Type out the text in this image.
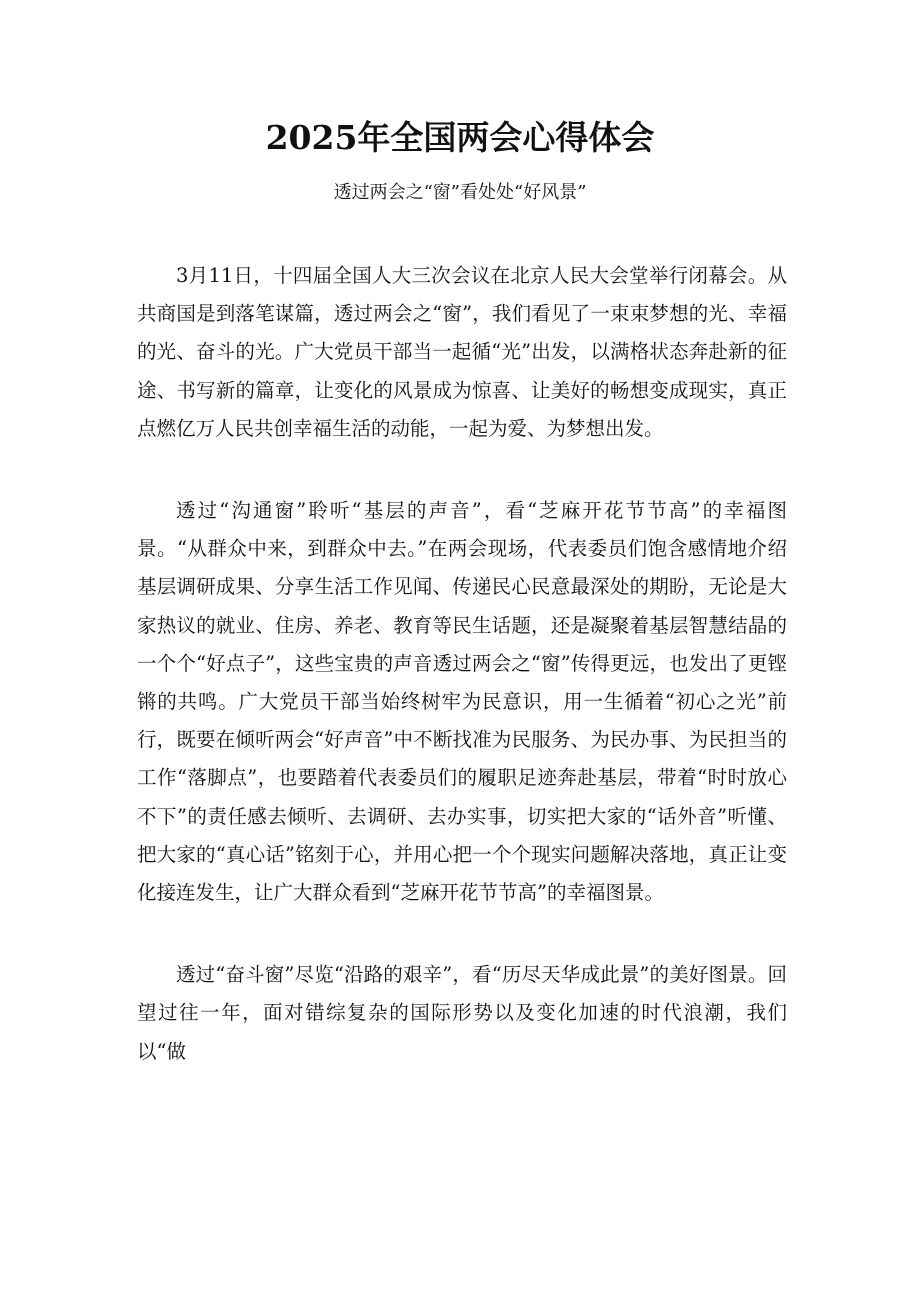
2025年全国两会心得体会

透过两会之“窗”看处处“好风景”

3月11日，十四届全国人大三次会议在北京人民大会堂举行闭幕会。从共商国是到落笔谋篇，透过两会之“窗”，我们看见了一束束梦想的光、幸福的光、奋斗的光。广大党员干部当一起循“光”出发，以满格状态奔赴新的征途、书写新的篇章，让变化的风景成为惊喜、让美好的畅想变成现实，真正点燃亿万人民共创幸福生活的动能，一起为爱、为梦想出发。

透过“沟通窗”聆听“基层的声音”，看“芝麻开花节节高”的幸福图景。“从群众中来，到群众中去。”在两会现场，代表委员们饱含感情地介绍基层调研成果、分享生活工作见闻、传递民心民意最深处的期盼，无论是大家热议的就业、住房、养老、教育等民生话题，还是凝聚着基层智慧结晶的一个个“好点子”，这些宝贵的声音透过两会之“窗”传得更远，也发出了更铿锵的共鸣。广大党员干部当始终树牢为民意识，用一生循着“初心之光”前行，既要在倾听两会“好声音”中不断找准为民服务、为民办事、为民担当的工作“落脚点”，也要踏着代表委员们的履职足迹奔赴基层，带着“时时放心不下”的责任感去倾听、去调研、去办实事，切实把大家的“话外音”听懂、把大家的“真心话”铭刻于心，并用心把一个个现实问题解决落地，真正让变化接连发生，让广大群众看到“芝麻开花节节高”的幸福图景。

透过“奋斗窗”尽览“沿路的艰辛”，看“历尽天华成此景”的美好图景。回望过往一年，面对错综复杂的国际形势以及变化加速的时代浪潮，我们以“做
